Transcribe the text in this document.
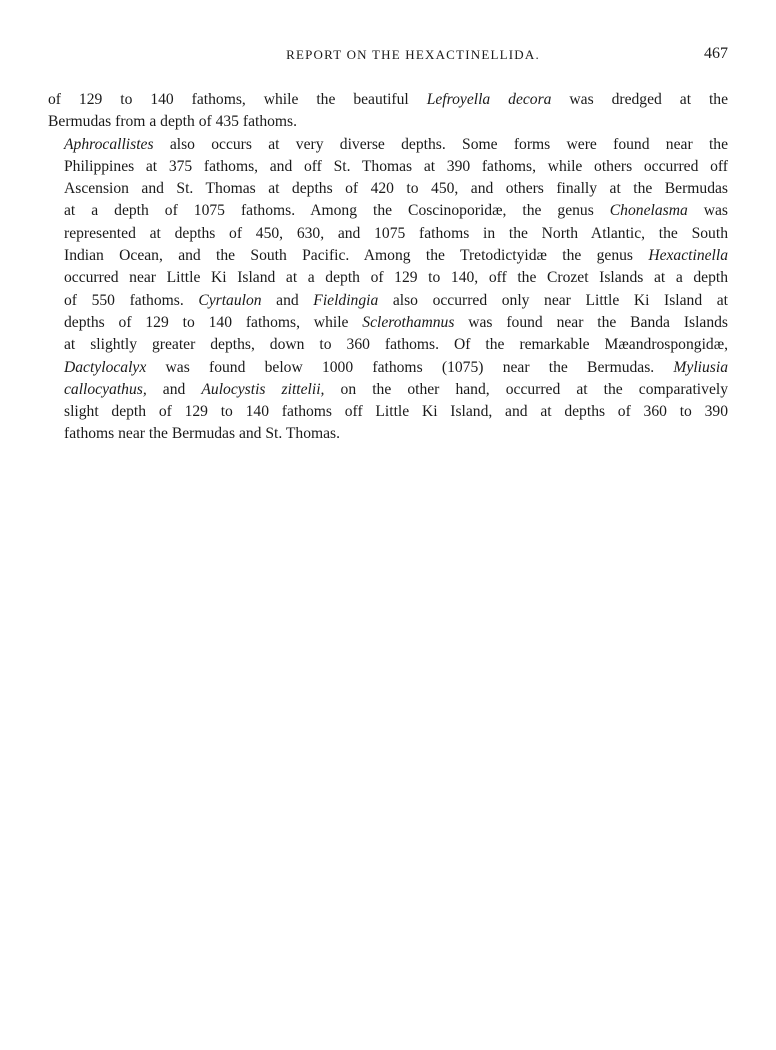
REPORT ON THE HEXACTINELLIDA.	467

of 129 to 140 fathoms, while the beautiful Lefroyella decora was dredged at the
Bermudas from a depth of 435 fathoms.

Aphrocallistes also occurs at very diverse depths. Some forms were found near the
Philippines at 375 fathoms, and off St. Thomas at 390 fathoms, while others occurred off
Ascension and St. Thomas at depths of 420 to 450, and others finally at the Bermudas
at a depth of 1075 fathoms. Among the Coscinoporidæ, the genus Chonelasma was
represented at depths of 450, 630, and 1075 fathoms in the North Atlantic, the South
Indian Ocean, and the South Pacific. Among the Tretodictyidæ the genus Hexactinella
occurred near Little Ki Island at a depth of 129 to 140, off the Crozet Islands at a depth
of 550 fathoms. Cyrtaulon and Fieldingia also occurred only near Little Ki Island at
depths of 129 to 140 fathoms, while Sclerothamnus was found near the Banda Islands
at slightly greater depths, down to 360 fathoms. Of the remarkable Mæandrospongidæ,
Dactylocalyx was found below 1000 fathoms (1075) near the Bermudas. Myliusia
callocyathus, and Aulocystis zittelii, on the other hand, occurred at the comparatively
slight depth of 129 to 140 fathoms off Little Ki Island, and at depths of 360 to 390
fathoms near the Bermudas and St. Thomas.
